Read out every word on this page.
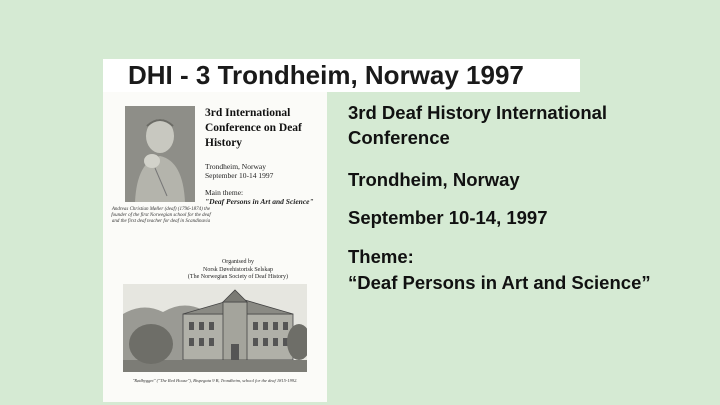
DHI - 3 Trondheim, Norway 1997
Andreas Christian Møller (deaf) (1796-1874) the founder of the first Norwegian school for the deaf and the first deaf teacher for deaf in Scandinavia
3rd International Conference on Deaf History
Trondheim, Norway
September 10-14 1997
Main theme:
"Deaf Persons in Art and Science"
Organised by
Norsk Døvehistorisk Selskap
(The Norwegian Society of Deaf History)
"Rødbygget" ("The Red House"), Bispegata 9 B, Trondheim, school for the deaf 1815-1992.

3rd Deaf History International Conference

Trondheim, Norway

September 10-14, 1997

Theme:

“Deaf Persons in Art and Science”
